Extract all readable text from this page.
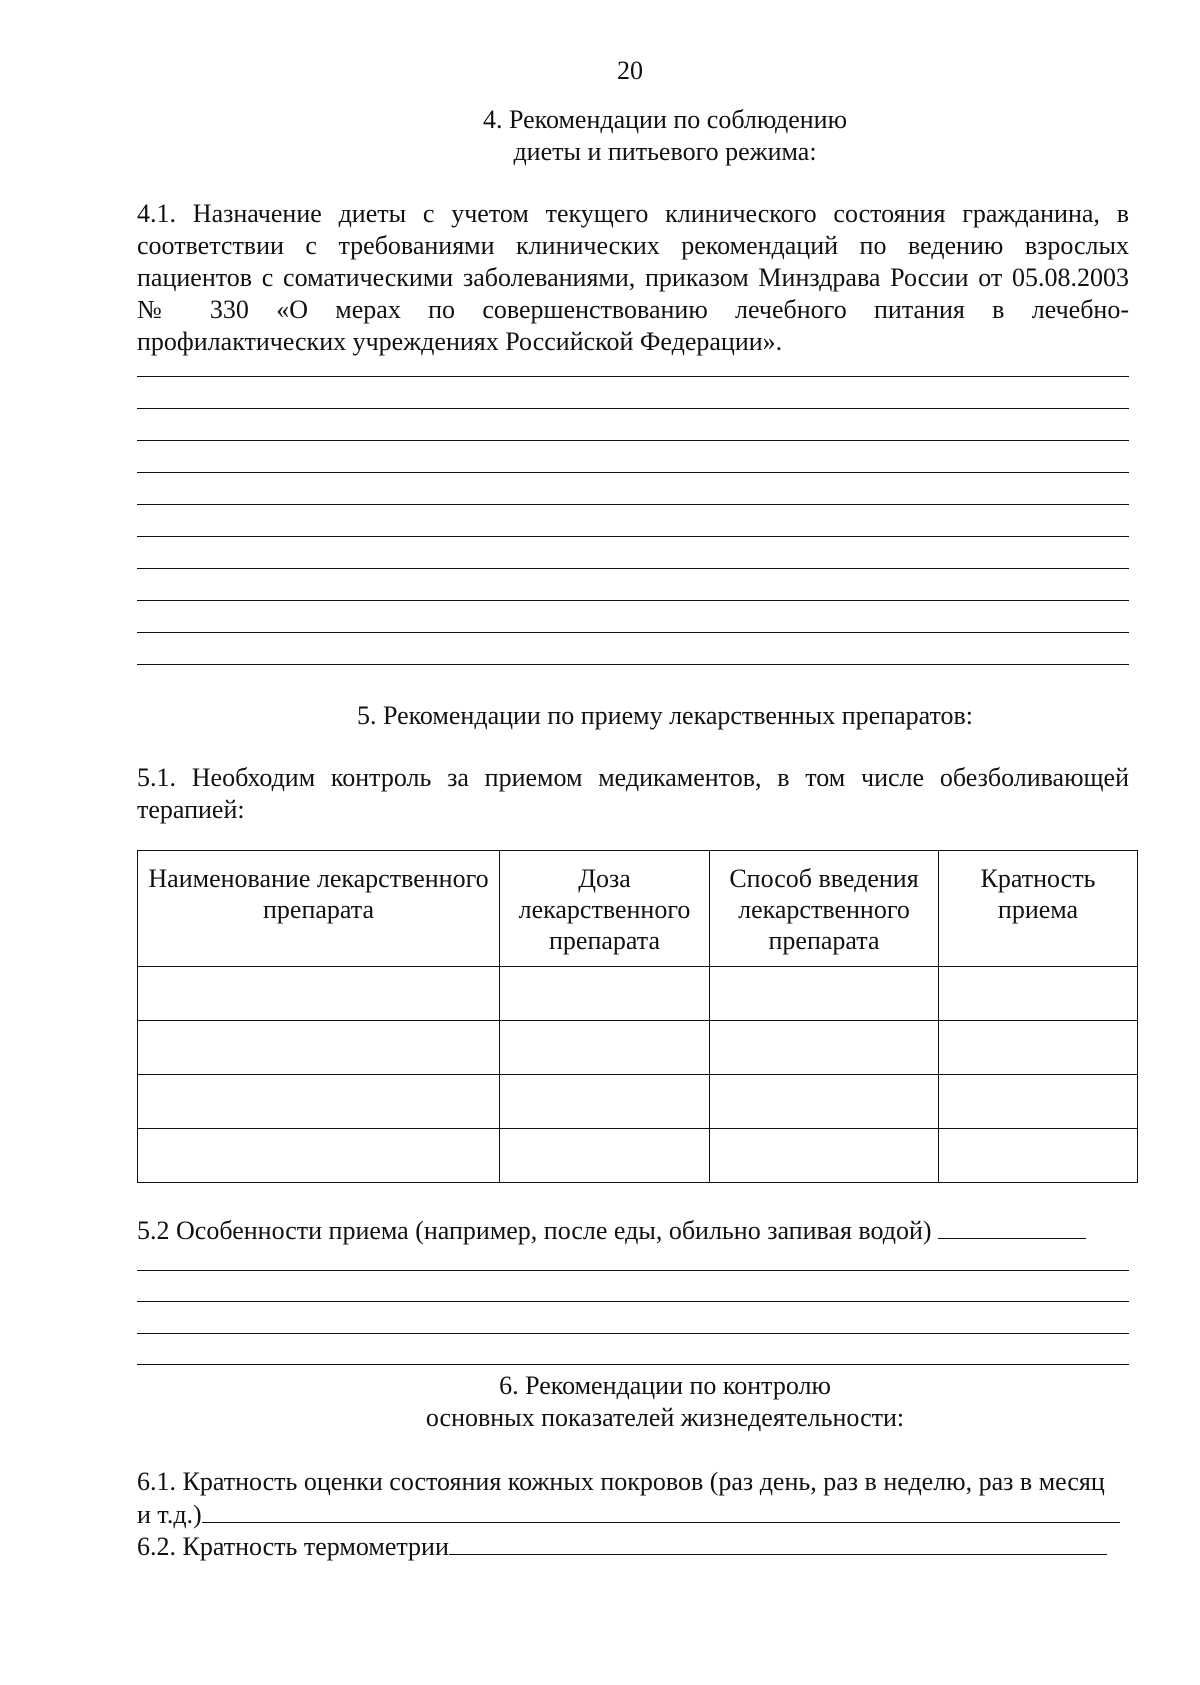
20
4. Рекомендации по соблюдению
диеты и питьевого режима:
4.1. Назначение диеты с учетом текущего клинического состояния гражданина, в соответствии с требованиями клинических рекомендаций по ведению взрослых пациентов с соматическими заболеваниями, приказом Минздрава России от 05.08.2003 № 330 «О мерах по совершенствованию лечебного питания в лечебно-профилактических учреждениях Российской Федерации».
5. Рекомендации по приему лекарственных препаратов:
5.1. Необходим контроль за приемом медикаментов, в том числе обезболивающей терапией:
Наименование лекарственного препарата	Доза лекарственного препарата	Способ введения лекарственного препарата	Кратность приема

5.2 Особенности приема (например, после еды, обильно запивая водой)
6. Рекомендации по контролю
основных показателей жизнедеятельности:
6.1. Кратность оценки состояния кожных покровов (раз день, раз в неделю, раз в месяц
и т.д.)
6.2. Кратность термометрии
